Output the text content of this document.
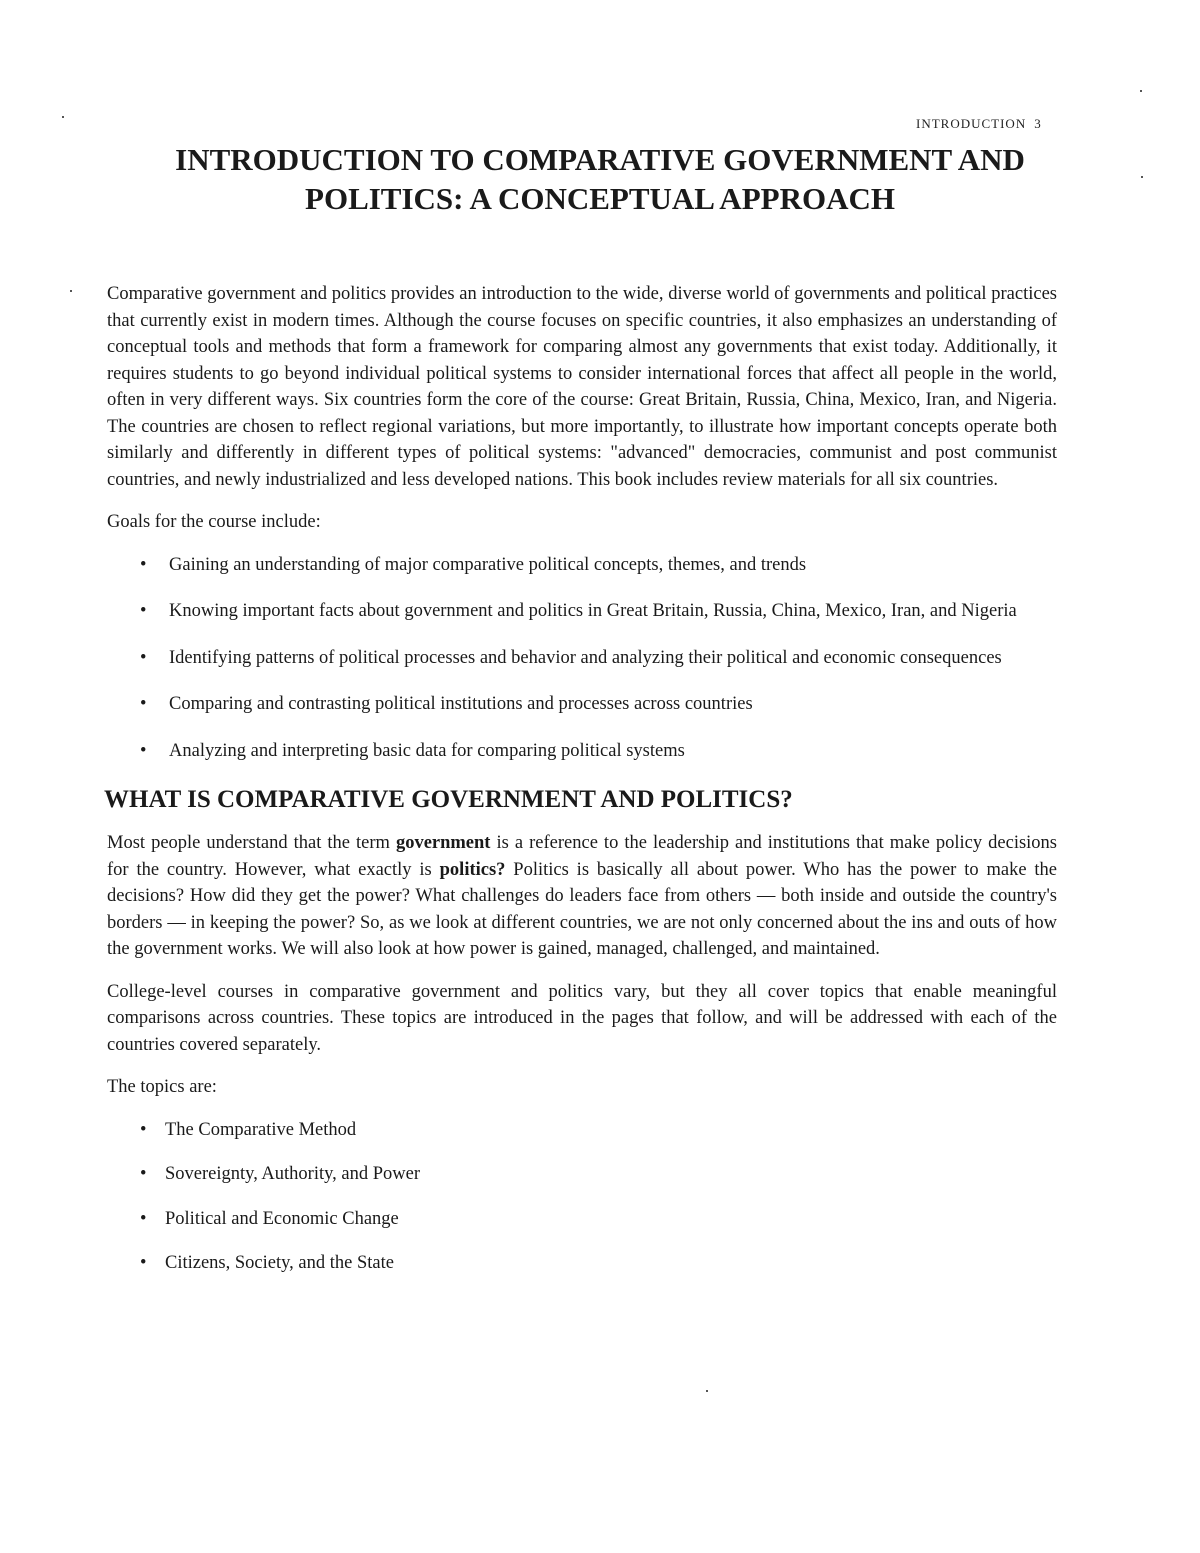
INTRODUCTION 3
INTRODUCTION TO COMPARATIVE GOVERNMENT AND
POLITICS: A CONCEPTUAL APPROACH

Comparative government and politics provides an introduction to the wide, diverse world of governments and political practices that currently exist in modern times. Although the course focuses on specific countries, it also emphasizes an understanding of conceptual tools and methods that form a framework for comparing almost any governments that exist today. Additionally, it requires students to go beyond individual political systems to consider international forces that affect all people in the world, often in very different ways. Six countries form the core of the course: Great Britain, Russia, China, Mexico, Iran, and Nigeria. The countries are chosen to reflect regional variations, but more importantly, to illustrate how important concepts operate both similarly and differently in different types of political systems: "advanced" democracies, communist and post communist countries, and newly industrialized and less developed nations. This book includes review materials for all six countries.

Goals for the course include:

• Gaining an understanding of major comparative political concepts, themes, and trends
• Knowing important facts about government and politics in Great Britain, Russia, China, Mexico, Iran, and Nigeria
• Identifying patterns of political processes and behavior and analyzing their political and economic consequences
• Comparing and contrasting political institutions and processes across countries
• Analyzing and interpreting basic data for comparing political systems
WHAT IS COMPARATIVE GOVERNMENT AND POLITICS?

Most people understand that the term government is a reference to the leadership and institutions that make policy decisions for the country. However, what exactly is politics? Politics is basically all about power. Who has the power to make the decisions? How did they get the power? What challenges do leaders face from others — both inside and outside the country's borders — in keeping the power? So, as we look at different countries, we are not only concerned about the ins and outs of how the government works. We will also look at how power is gained, managed, challenged, and maintained.

College-level courses in comparative government and politics vary, but they all cover topics that enable meaningful comparisons across countries. These topics are introduced in the pages that follow, and will be addressed with each of the countries covered separately.

The topics are:

• The Comparative Method
• Sovereignty, Authority, and Power
• Political and Economic Change
• Citizens, Society, and the State
